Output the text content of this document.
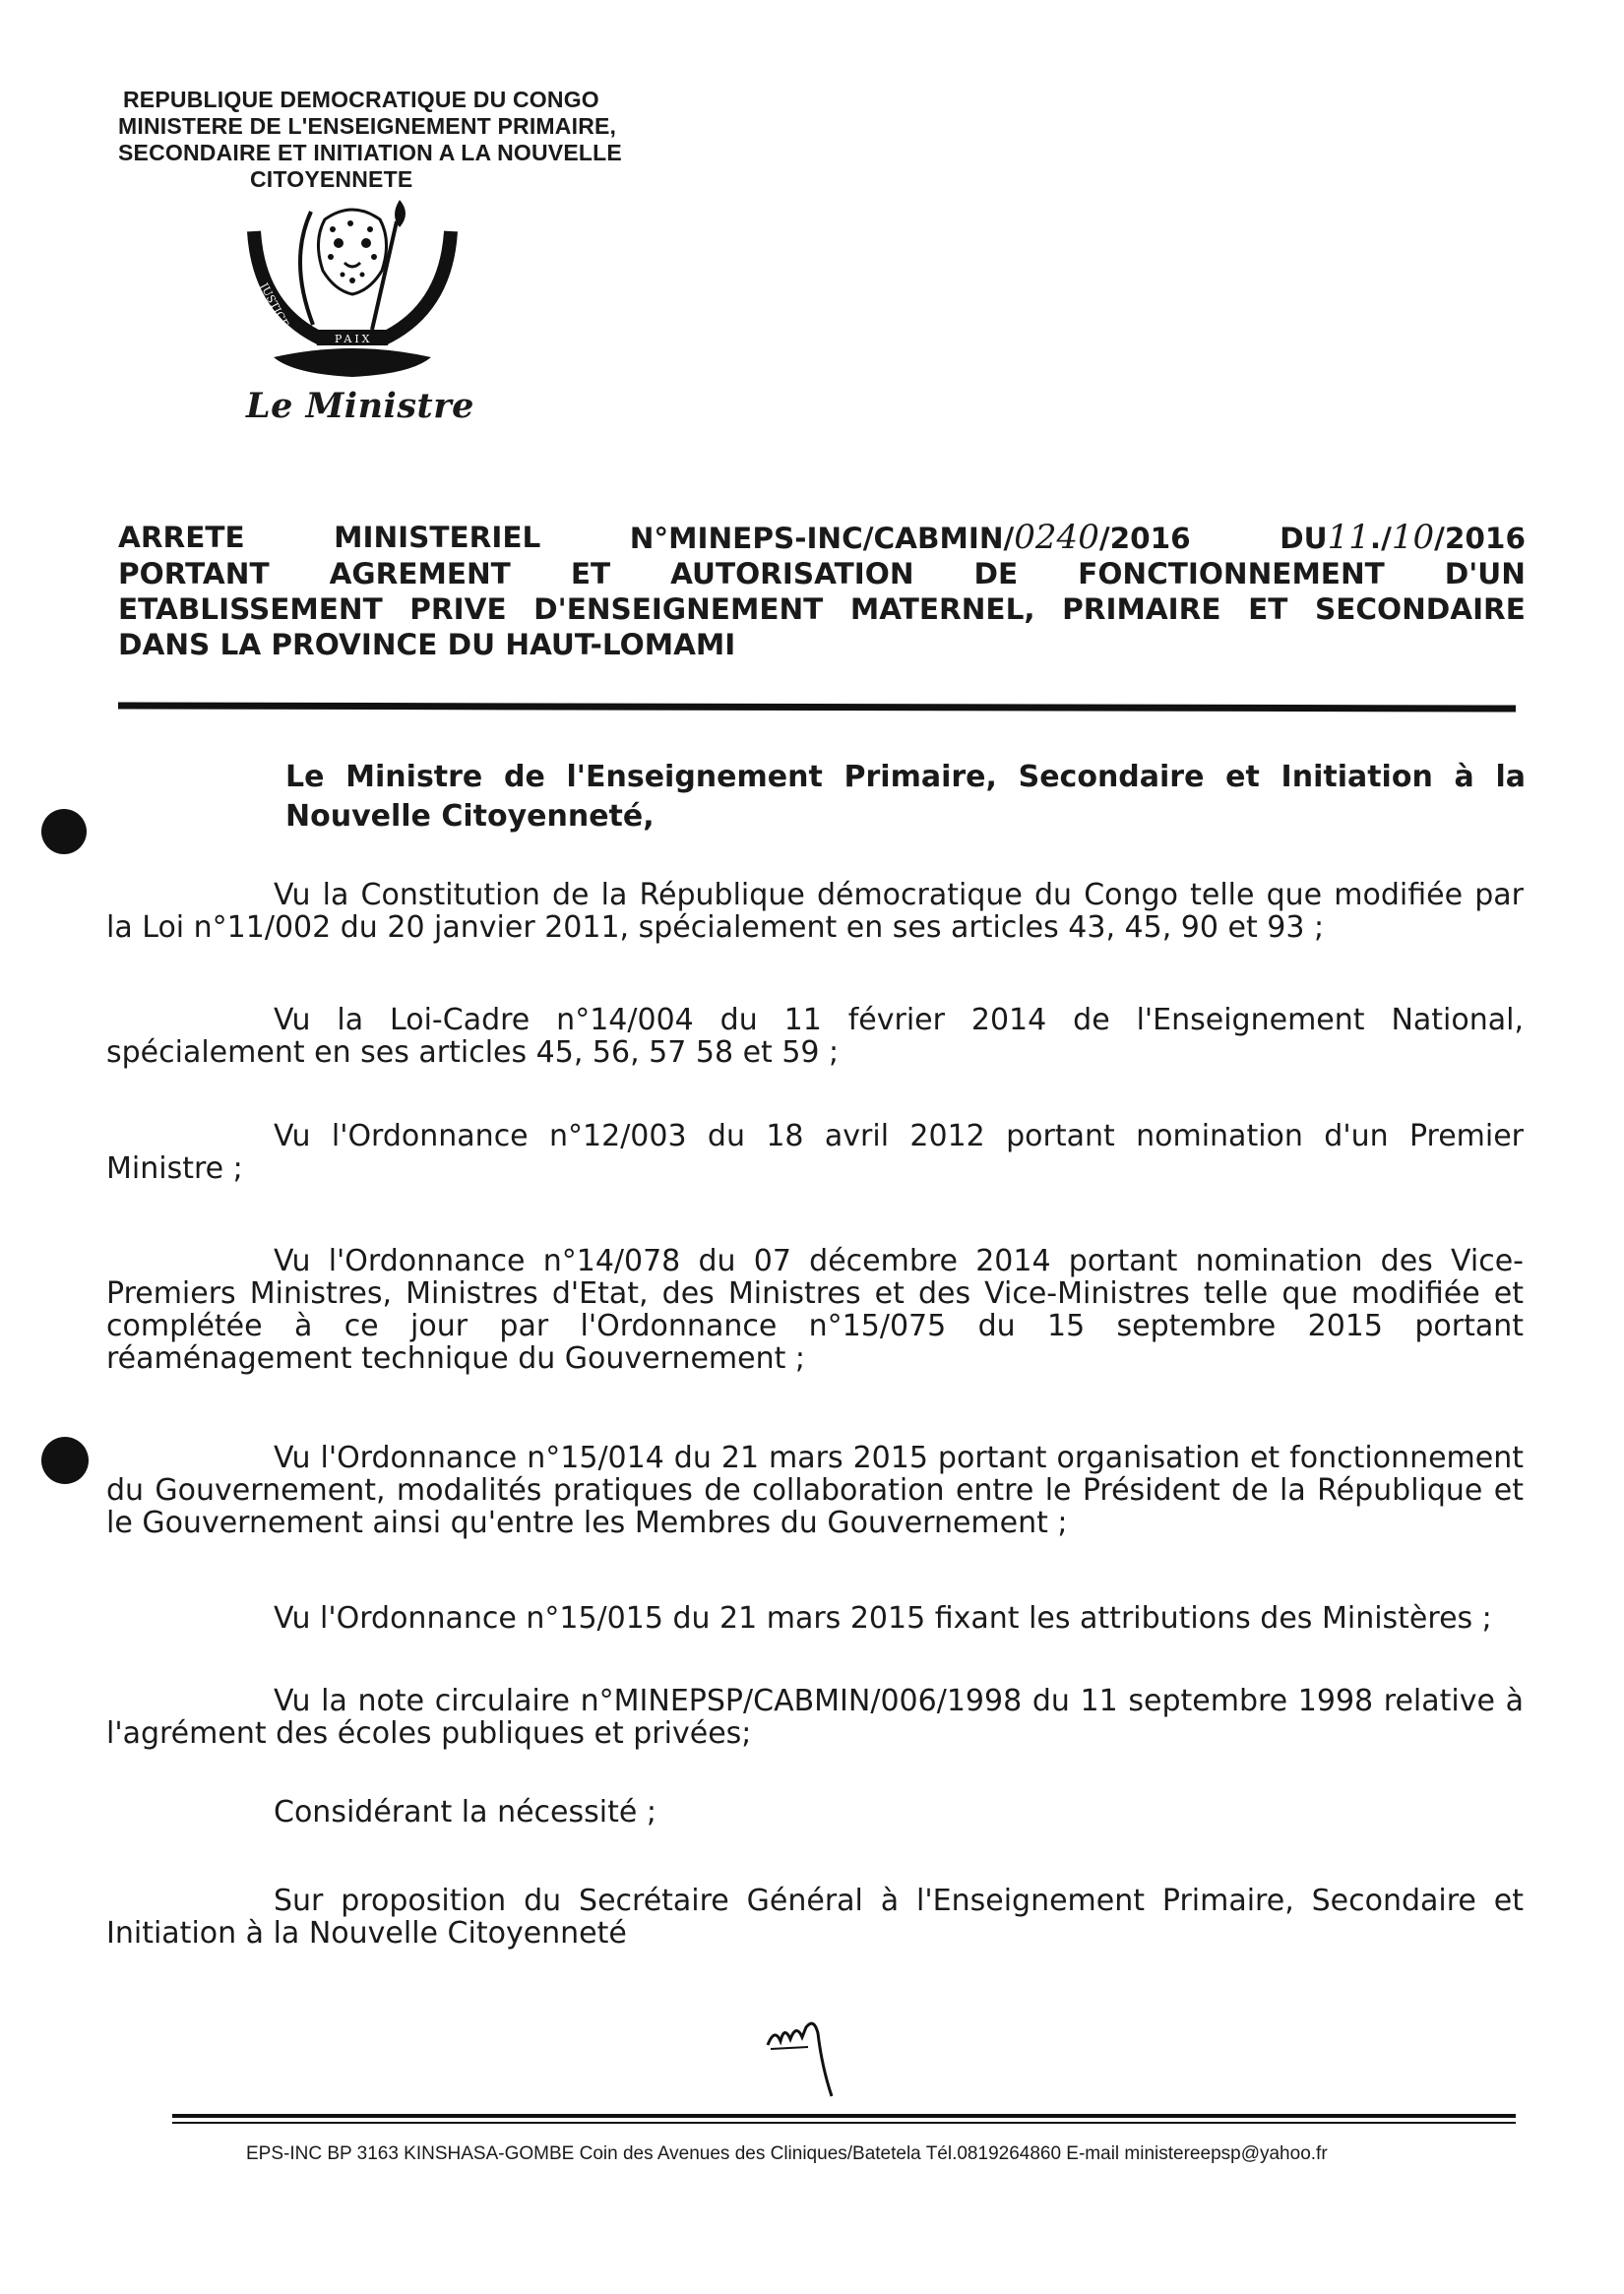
REPUBLIQUE DEMOCRATIQUE DU CONGO
MINISTERE DE L'ENSEIGNEMENT PRIMAIRE,
SECONDAIRE ET INITIATION A LA NOUVELLE
CITOYENNETE
JUSTICE
TRAVAIL
PAIX
Le Ministre
ARRETE	MINISTERIEL	N°MINEPS-INC/CABMIN/0240/2016	DU11./10/2016
PORTANT AGREMENT ET AUTORISATION DE FONCTIONNEMENT D'UN
ETABLISSEMENT PRIVE D'ENSEIGNEMENT MATERNEL, PRIMAIRE ET SECONDAIRE
DANS LA PROVINCE DU HAUT-LOMAMI
Le Ministre de l'Enseignement Primaire, Secondaire et Initiation à la Nouvelle Citoyenneté,
Vu la Constitution de la République démocratique du Congo telle que modifiée par la Loi n°11/002 du 20 janvier 2011, spécialement en ses articles 43, 45, 90 et 93 ;
Vu la Loi-Cadre n°14/004 du 11 février 2014 de l'Enseignement National, spécialement en ses articles 45, 56, 57 58 et 59 ;
Vu l'Ordonnance n°12/003 du 18 avril 2012 portant nomination d'un Premier Ministre ;
Vu l'Ordonnance n°14/078 du 07 décembre 2014 portant nomination des Vice-Premiers Ministres, Ministres d'Etat, des Ministres et des Vice-Ministres telle que modifiée et complétée à ce jour par l'Ordonnance n°15/075 du 15 septembre 2015 portant réaménagement technique du Gouvernement ;
Vu l'Ordonnance n°15/014 du 21 mars 2015 portant organisation et fonctionnement du Gouvernement, modalités pratiques de collaboration entre le Président de la République et le Gouvernement ainsi qu'entre les Membres du Gouvernement ;
Vu l'Ordonnance n°15/015 du 21 mars 2015 fixant les attributions des Ministères ;
Vu la note circulaire n°MINEPSP/CABMIN/006/1998 du 11 septembre 1998 relative à l'agrément des écoles publiques et privées;
Considérant la nécessité ;
Sur proposition du Secrétaire Général à l'Enseignement Primaire, Secondaire et Initiation à la Nouvelle Citoyenneté
EPS-INC BP 3163 KINSHASA-GOMBE Coin des Avenues des Cliniques/Batetela Tél.0819264860 E-mail ministereepsp@yahoo.fr
